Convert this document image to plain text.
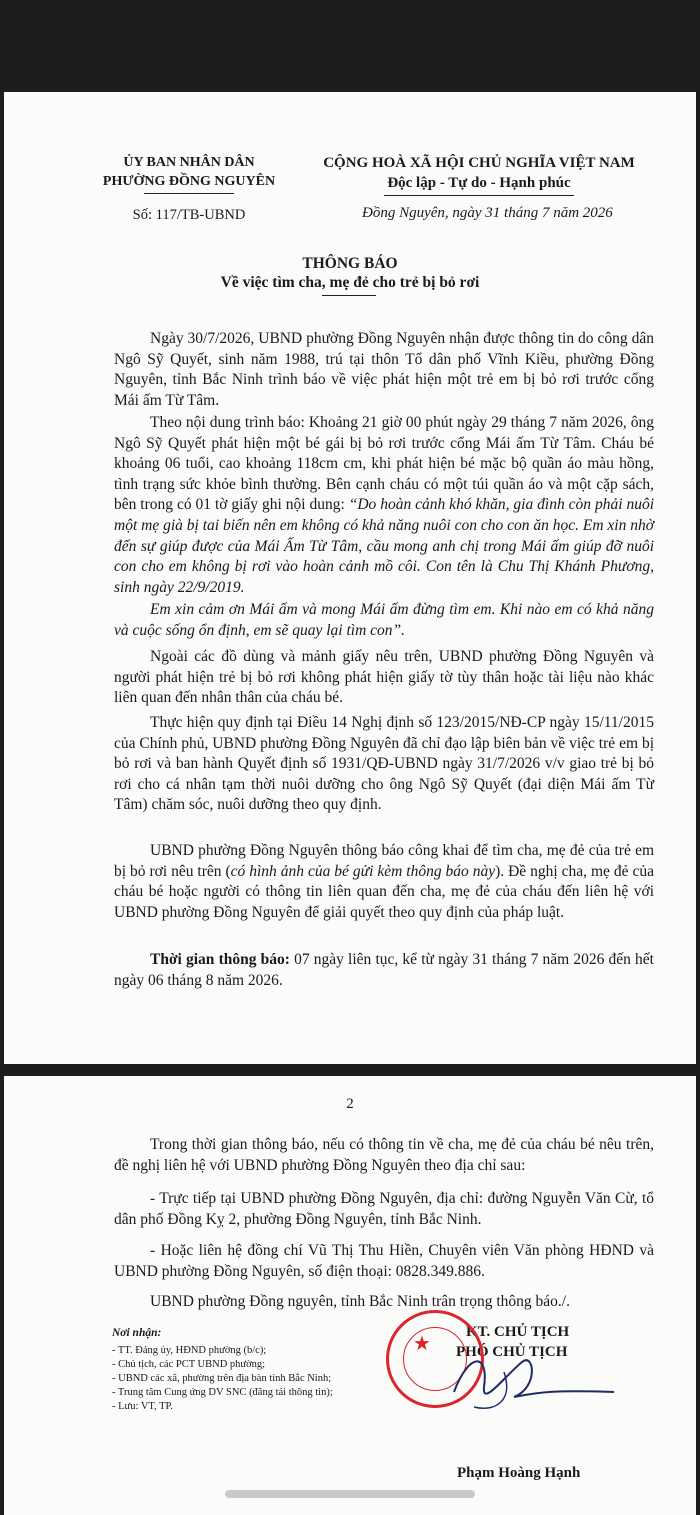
ỦY BAN NHÂN DÂN
PHƯỜNG ĐỒNG NGUYÊN
CỘNG HOÀ XÃ HỘI CHỦ NGHĨA VIỆT NAM
Độc lập - Tự do - Hạnh phúc
Số: 117/TB-UBND	Đồng Nguyên, ngày 31 tháng 7 năm 2026
THÔNG BÁO
Về việc tìm cha, mẹ đẻ cho trẻ bị bỏ rơi

Ngày 30/7/2026, UBND phường Đồng Nguyên nhận được thông tin do công dân Ngô Sỹ Quyết, sinh năm 1988, trú tại thôn Tổ dân phố Vĩnh Kiều, phường Đồng Nguyên, tỉnh Bắc Ninh trình báo về việc phát hiện một trẻ em bị bỏ rơi trước cổng Mái ấm Từ Tâm.

Theo nội dung trình báo: Khoảng 21 giờ 00 phút ngày 29 tháng 7 năm 2026, ông Ngô Sỹ Quyết phát hiện một bé gái bị bỏ rơi trước cổng Mái ấm Từ Tâm. Cháu bé khoảng 06 tuổi, cao khoảng 118cm cm, khi phát hiện bé mặc bộ quần áo màu hồng, tình trạng sức khỏe bình thường. Bên cạnh cháu có một túi quần áo và một cặp sách, bên trong có 01 tờ giấy ghi nội dung: “Do hoàn cảnh khó khăn, gia đình còn phải nuôi một mẹ già bị tai biến nên em không có khả năng nuôi con cho con ăn học. Em xin nhờ đến sự giúp được của Mái Ấm Từ Tâm, cầu mong anh chị trong Mái ấm giúp đỡ nuôi con cho em không bị rơi vào hoàn cảnh mồ côi. Con tên là Chu Thị Khánh Phương, sinh ngày 22/9/2019.

Em xin cảm ơn Mái ấm và mong Mái ấm đừng tìm em. Khi nào em có khả năng và cuộc sống ổn định, em sẽ quay lại tìm con”.

Ngoài các đồ dùng và mảnh giấy nêu trên, UBND phường Đồng Nguyên và người phát hiện trẻ bị bỏ rơi không phát hiện giấy tờ tùy thân hoặc tài liệu nào khác liên quan đến nhân thân của cháu bé.

Thực hiện quy định tại Điều 14 Nghị định số 123/2015/NĐ-CP ngày 15/11/2015 của Chính phủ, UBND phường Đồng Nguyên đã chỉ đạo lập biên bản về việc trẻ em bị bỏ rơi và ban hành Quyết định số 1931/QĐ-UBND ngày 31/7/2026 v/v giao trẻ bị bỏ rơi cho cá nhân tạm thời nuôi dưỡng cho ông Ngô Sỹ Quyết (đại diện Mái ấm Từ Tâm) chăm sóc, nuôi dưỡng theo quy định.

UBND phường Đồng Nguyên thông báo công khai để tìm cha, mẹ đẻ của trẻ em bị bỏ rơi nêu trên (có hình ảnh của bé gửi kèm thông báo này). Đề nghị cha, mẹ đẻ của cháu bé hoặc người có thông tin liên quan đến cha, mẹ đẻ của cháu đến liên hệ với UBND phường Đồng Nguyên để giải quyết theo quy định của pháp luật.

Thời gian thông báo: 07 ngày liên tục, kể từ ngày 31 tháng 7 năm 2026 đến hết ngày 06 tháng 8 năm 2026.

2

Trong thời gian thông báo, nếu có thông tin về cha, mẹ đẻ của cháu bé nêu trên, đề nghị liên hệ với UBND phường Đồng Nguyên theo địa chỉ sau:

- Trực tiếp tại UBND phường Đồng Nguyên, địa chỉ: đường Nguyễn Văn Cừ, tổ dân phố Đồng Kỵ 2, phường Đồng Nguyên, tỉnh Bắc Ninh.

- Hoặc liên hệ đồng chí Vũ Thị Thu Hiền, Chuyên viên Văn phòng HĐND và UBND phường Đồng Nguyên, số điện thoại: 0828.349.886.

UBND phường Đồng nguyên, tỉnh Bắc Ninh trân trọng thông báo./.

Nơi nhận:
- TT. Đảng ủy, HĐND phường (b/c);
- Chủ tịch, các PCT UBND phường;
- UBND các xã, phường trên địa bàn tỉnh Bắc Ninh;
- Trung tâm Cung ứng DV SNC (đăng tải thông tin);
- Lưu: VT, TP.
KT. CHỦ TỊCH
PHÓ CHỦ TỊCH
★
Phạm Hoàng Hạnh
